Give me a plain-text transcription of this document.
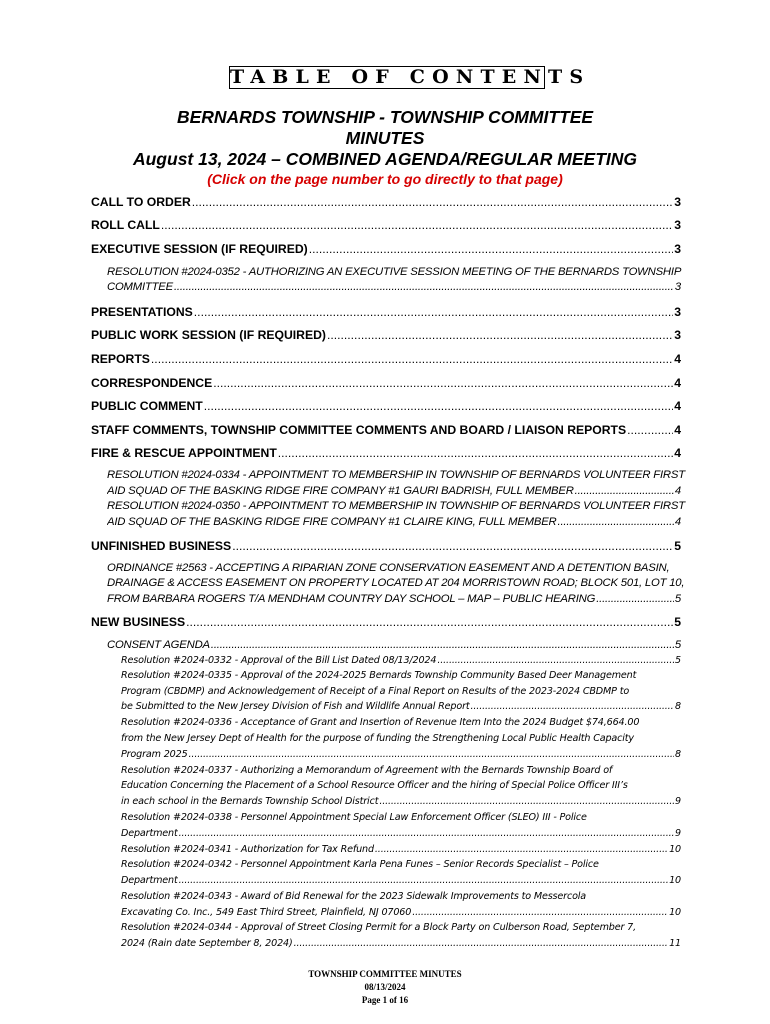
TABLE OF CONTENTS
BERNARDS TOWNSHIP - TOWNSHIP COMMITTEE
MINUTES
August 13, 2024 – COMBINED AGENDA/REGULAR MEETING
(Click on the page number to go directly to that page)
CALL TO ORDER .....	3
ROLL CALL .....	3
EXECUTIVE SESSION (IF REQUIRED) .....	3
RESOLUTION #2024-0352 - AUTHORIZING AN EXECUTIVE SESSION MEETING OF THE BERNARDS TOWNSHIP
COMMITTEE .....	3
PRESENTATIONS .....	3
PUBLIC WORK SESSION (IF REQUIRED) .....	3
REPORTS .....	4
CORRESPONDENCE .....	4
PUBLIC COMMENT .....	4
STAFF COMMENTS, TOWNSHIP COMMITTEE COMMENTS AND BOARD / LIAISON REPORTS .....	4
FIRE & RESCUE APPOINTMENT .....	4
RESOLUTION #2024-0334 - APPOINTMENT TO MEMBERSHIP IN TOWNSHIP OF BERNARDS VOLUNTEER FIRST
AID SQUAD OF THE BASKING RIDGE FIRE COMPANY #1 GAURI BADRISH, FULL MEMBER .....	4
RESOLUTION #2024-0350 - APPOINTMENT TO MEMBERSHIP IN TOWNSHIP OF BERNARDS VOLUNTEER FIRST
AID SQUAD OF THE BASKING RIDGE FIRE COMPANY #1 CLAIRE KING, FULL MEMBER .....	4
UNFINISHED BUSINESS .....	5
ORDINANCE #2563 - ACCEPTING A RIPARIAN ZONE CONSERVATION EASEMENT AND A DETENTION BASIN,
DRAINAGE & ACCESS EASEMENT ON PROPERTY LOCATED AT 204 MORRISTOWN ROAD; BLOCK 501, LOT 10,
FROM BARBARA ROGERS T/A MENDHAM COUNTRY DAY SCHOOL – MAP – PUBLIC HEARING .....	5
NEW BUSINESS .....	5
CONSENT AGENDA .....	5
Resolution #2024-0332 - Approval of the Bill List Dated 08/13/2024 .....	5
Resolution #2024-0335 - Approval of the 2024-2025 Bernards Township Community Based Deer Management
Program (CBDMP) and Acknowledgement of Receipt of a Final Report on Results of the 2023-2024 CBDMP to
be Submitted to the New Jersey Division of Fish and Wildlife Annual Report .....	8
Resolution #2024-0336 - Acceptance of Grant and Insertion of Revenue Item Into the 2024 Budget $74,664.00
from the New Jersey Dept of Health for the purpose of funding the Strengthening Local Public Health Capacity
Program 2025 .....	8
Resolution #2024-0337 - Authorizing a Memorandum of Agreement with the Bernards Township Board of
Education Concerning the Placement of a School Resource Officer and the hiring of Special Police Officer III’s
in each school in the Bernards Township School District .....	9
Resolution #2024-0338 - Personnel Appointment Special Law Enforcement Officer (SLEO) III - Police
Department .....	9
Resolution #2024-0341 - Authorization for Tax Refund .....	10
Resolution #2024-0342 - Personnel Appointment Karla Pena Funes – Senior Records Specialist – Police
Department .....	10
Resolution #2024-0343 - Award of Bid Renewal for the 2023 Sidewalk Improvements to Messercola
Excavating Co. Inc., 549 East Third Street, Plainfield, NJ 07060 .....	10
Resolution #2024-0344 - Approval of Street Closing Permit for a Block Party on Culberson Road, September 7,
2024 (Rain date September 8, 2024) .....	11
TOWNSHIP COMMITTEE MINUTES
08/13/2024
Page 1 of 16
